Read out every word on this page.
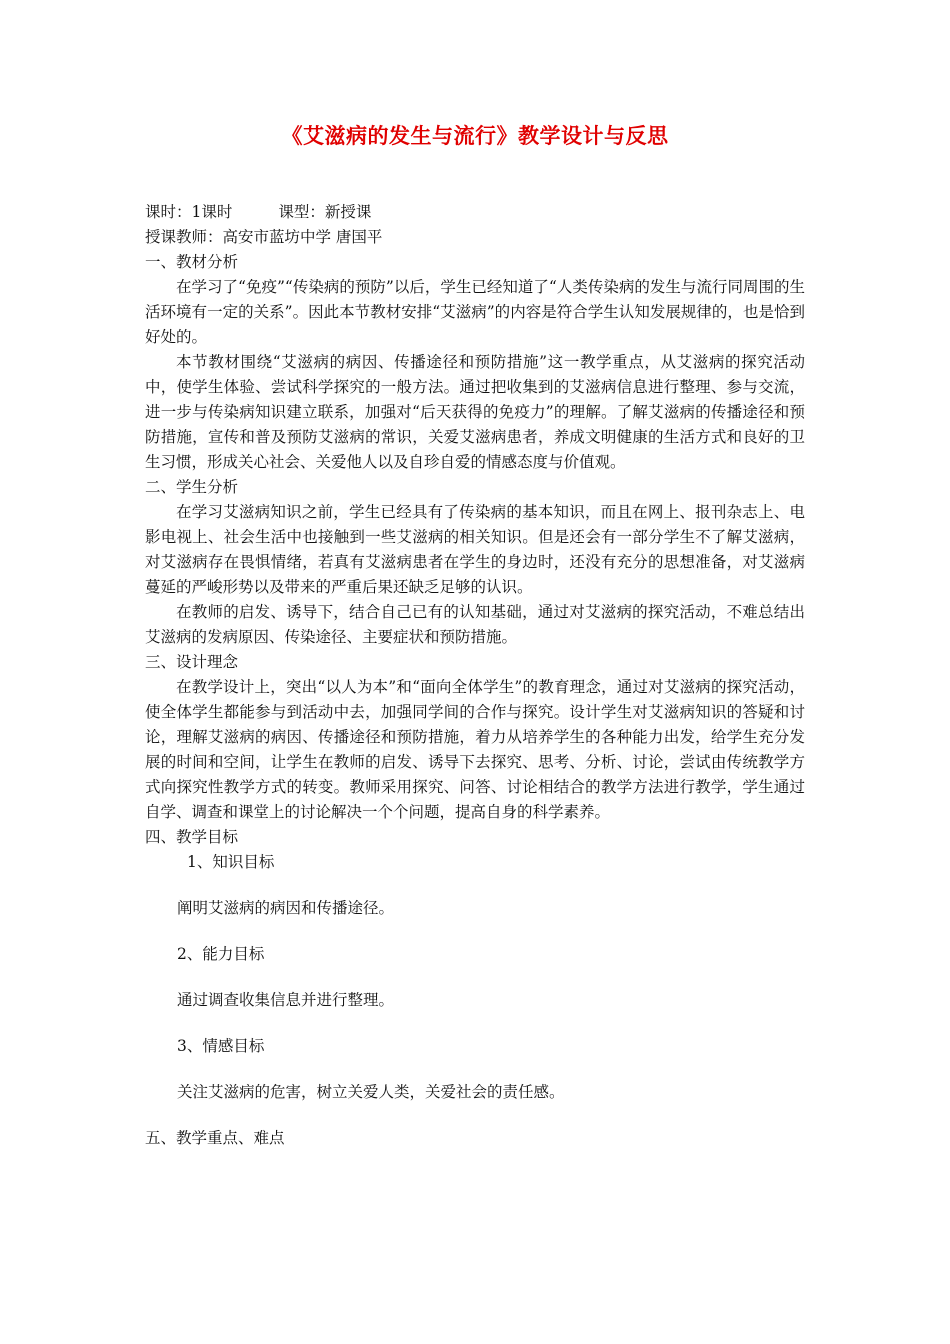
《艾滋病的发生与流行》教学设计与反思
课时：1课时	课型：新授课
授课教师：高安市蓝坊中学 唐国平
一、教材分析

在学习了“免疫”“传染病的预防”以后，学生已经知道了“人类传染病的发生与流行同周围的生活环境有一定的关系”。因此本节教材安排“艾滋病”的内容是符合学生认知发展规律的，也是恰到好处的。

本节教材围绕“艾滋病的病因、传播途径和预防措施”这一教学重点，从艾滋病的探究活动中，使学生体验、尝试科学探究的一般方法。通过把收集到的艾滋病信息进行整理、参与交流，进一步与传染病知识建立联系，加强对“后天获得的免疫力”的理解。了解艾滋病的传播途径和预防措施，宣传和普及预防艾滋病的常识，关爱艾滋病患者，养成文明健康的生活方式和良好的卫生习惯，形成关心社会、关爱他人以及自珍自爱的情感态度与价值观。

二、学生分析

在学习艾滋病知识之前，学生已经具有了传染病的基本知识，而且在网上、报刊杂志上、电影电视上、社会生活中也接触到一些艾滋病的相关知识。但是还会有一部分学生不了解艾滋病，对艾滋病存在畏惧情绪，若真有艾滋病患者在学生的身边时，还没有充分的思想准备，对艾滋病蔓延的严峻形势以及带来的严重后果还缺乏足够的认识。

在教师的启发、诱导下，结合自己已有的认知基础，通过对艾滋病的探究活动，不难总结出艾滋病的发病原因、传染途径、主要症状和预防措施。

三、设计理念

在教学设计上，突出“以人为本”和“面向全体学生”的教育理念，通过对艾滋病的探究活动，使全体学生都能参与到活动中去，加强同学间的合作与探究。设计学生对艾滋病知识的答疑和讨论，理解艾滋病的病因、传播途径和预防措施，着力从培养学生的各种能力出发，给学生充分发展的时间和空间，让学生在教师的启发、诱导下去探究、思考、分析、讨论，尝试由传统教学方式向探究性教学方式的转变。教师采用探究、问答、讨论相结合的教学方法进行教学，学生通过自学、调查和课堂上的讨论解决一个个问题，提高自身的科学素养。

四、教学目标
1、知识目标
阐明艾滋病的病因和传播途径。
2、能力目标
通过调查收集信息并进行整理。
3、情感目标
关注艾滋病的危害，树立关爱人类，关爱社会的责任感。
五、教学重点、难点
